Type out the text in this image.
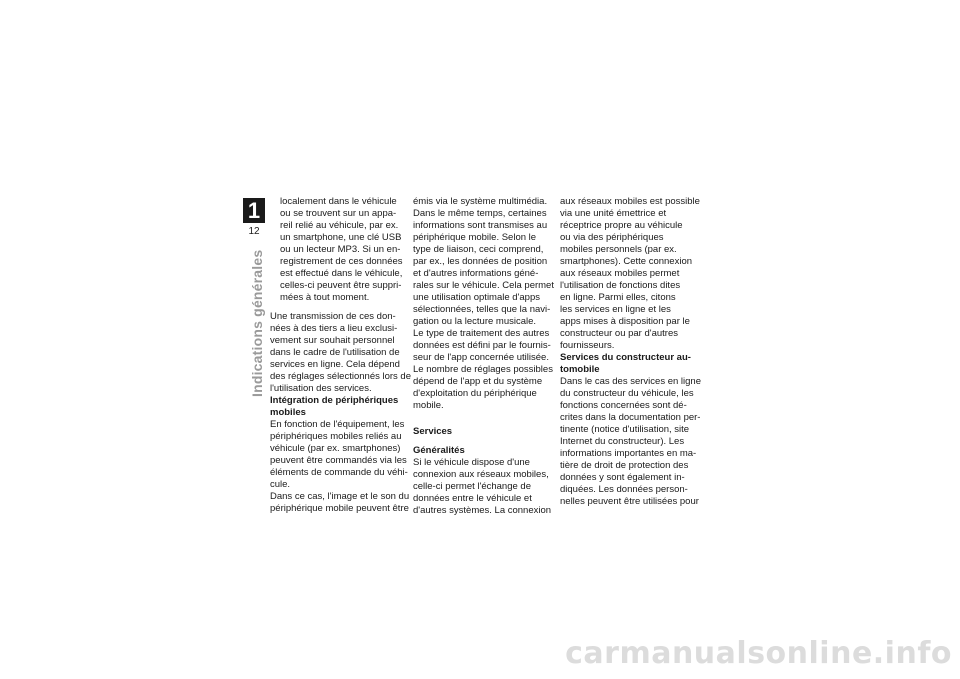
1
12
Indications générales

localement dans le véhicule
ou se trouvent sur un appa-
reil relié au véhicule, par ex.
un smartphone, une clé USB
ou un lecteur MP3. Si un en-
registrement de ces données
est effectué dans le véhicule,
celles-ci peuvent être suppri-
mées à tout moment.

Une transmission de ces don-
nées à des tiers a lieu exclusi-
vement sur souhait personnel
dans le cadre de l'utilisation de
services en ligne. Cela dépend
des réglages sélectionnés lors de
l'utilisation des services.

Intégration de périphériques
mobiles

En fonction de l'équipement, les
périphériques mobiles reliés au
véhicule (par ex. smartphones)
peuvent être commandés via les
éléments de commande du véhi-
cule.

Dans ce cas, l'image et le son du
périphérique mobile peuvent être

émis via le système multimédia.
Dans le même temps, certaines
informations sont transmises au
périphérique mobile. Selon le
type de liaison, ceci comprend,
par ex., les données de position
et d'autres informations géné-
rales sur le véhicule. Cela permet
une utilisation optimale d'apps
sélectionnées, telles que la navi-
gation ou la lecture musicale.

Le type de traitement des autres
données est défini par le fournis-
seur de l'app concernée utilisée.
Le nombre de réglages possibles
dépend de l'app et du système
d'exploitation du périphérique
mobile.

Services
Généralités

Si le véhicule dispose d'une
connexion aux réseaux mobiles,
celle-ci permet l'échange de
données entre le véhicule et
d'autres systèmes. La connexion

aux réseaux mobiles est possible
via une unité émettrice et
réceptrice propre au véhicule
ou via des périphériques
mobiles personnels (par ex.
smartphones). Cette connexion
aux réseaux mobiles permet
l'utilisation de fonctions dites
en ligne. Parmi elles, citons
les services en ligne et les
apps mises à disposition par le
constructeur ou par d'autres
fournisseurs.

Services du constructeur au-
tomobile

Dans le cas des services en ligne
du constructeur du véhicule, les
fonctions concernées sont dé-
crites dans la documentation per-
tinente (notice d'utilisation, site
Internet du constructeur). Les
informations importantes en ma-
tière de droit de protection des
données y sont également in-
diquées. Les données person-
nelles peuvent être utilisées pour

carmanualsonline.info
